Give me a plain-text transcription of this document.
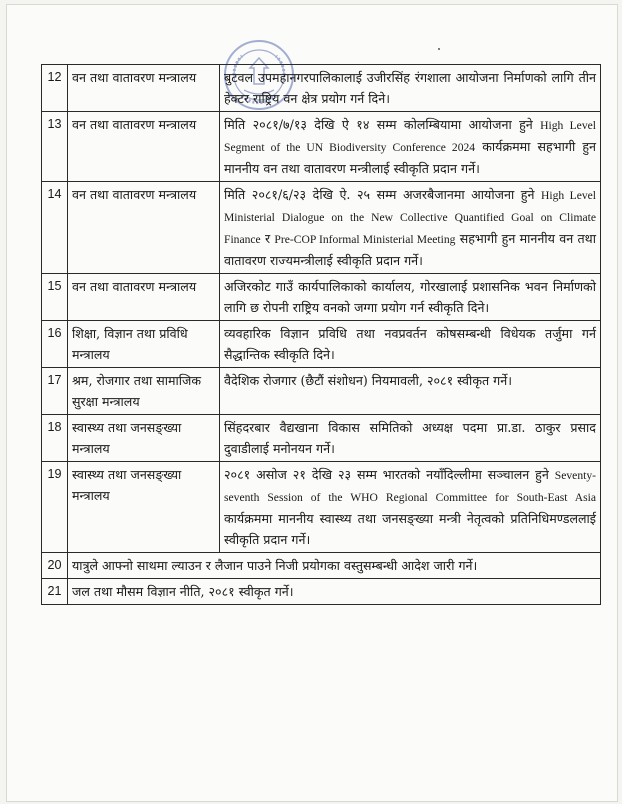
12	वन तथा वातावरण मन्त्रालय	बुटवल उपमहानगरपालिकालाई उजीरसिंह रंगशाला आयोजना निर्माणको लागि तीन हेक्टर राष्ट्रिय वन क्षेत्र प्रयोग गर्न दिने।
13	वन तथा वातावरण मन्त्रालय	मिति २०८१/७/१३ देखि ऐ १४ सम्म कोलम्बियामा आयोजना हुने High Level Segment of the UN Biodiversity Conference 2024 कार्यक्रममा सहभागी हुन माननीय वन तथा वातावरण मन्त्रीलाई स्वीकृति प्रदान गर्ने।
14	वन तथा वातावरण मन्त्रालय	मिति २०८१/६/२३ देखि ऐ. २५ सम्म अजरबैजानमा आयोजना हुने High Level Ministerial Dialogue on the New Collective Quantified Goal on Climate Finance र Pre-COP Informal Ministerial Meeting सहभागी हुन माननीय वन तथा वातावरण राज्यमन्त्रीलाई स्वीकृति प्रदान गर्ने।
15	वन तथा वातावरण मन्त्रालय	अजिरकोट गाउँ कार्यपालिकाको कार्यालय, गोरखालाई प्रशासनिक भवन निर्माणको लागि छ रोपनी राष्ट्रिय वनको जग्गा प्रयोग गर्न स्वीकृति दिने।
16	शिक्षा, विज्ञान तथा प्रविधि मन्त्रालय	व्यवहारिक विज्ञान प्रविधि तथा नवप्रवर्तन कोषसम्बन्धी विधेयक तर्जुमा गर्न सैद्धान्तिक स्वीकृति दिने।
17	श्रम, रोजगार तथा सामाजिक सुरक्षा मन्त्रालय	वैदेशिक रोजगार (छैटौं संशोधन) नियमावली, २०८१ स्वीकृत गर्ने।
18	स्वास्थ्य तथा जनसङ्ख्या मन्त्रालय	सिंहदरबार वैद्यखाना विकास समितिको अध्यक्ष पदमा प्रा.डा. ठाकुर प्रसाद दुवाडीलाई मनोनयन गर्ने।
19	स्वास्थ्य तथा जनसङ्ख्या मन्त्रालय	२०८१ असोज २१ देखि २३ सम्म भारतको नयाँदिल्लीमा सञ्चालन हुने Seventy-seventh Session of the WHO Regional Committee for South-East Asia कार्यक्रममा माननीय स्वास्थ्य तथा जनसङ्ख्या मन्त्री नेतृत्वको प्रतिनिधिमण्डललाई स्वीकृति प्रदान गर्ने।
20	यात्रुले आफ्नो साथमा ल्याउन र लैजान पाउने निजी प्रयोगका वस्तुसम्बन्धी आदेश जारी गर्ने।	
21	जल तथा मौसम विज्ञान नीति, २०८१ स्वीकृत गर्ने।	
